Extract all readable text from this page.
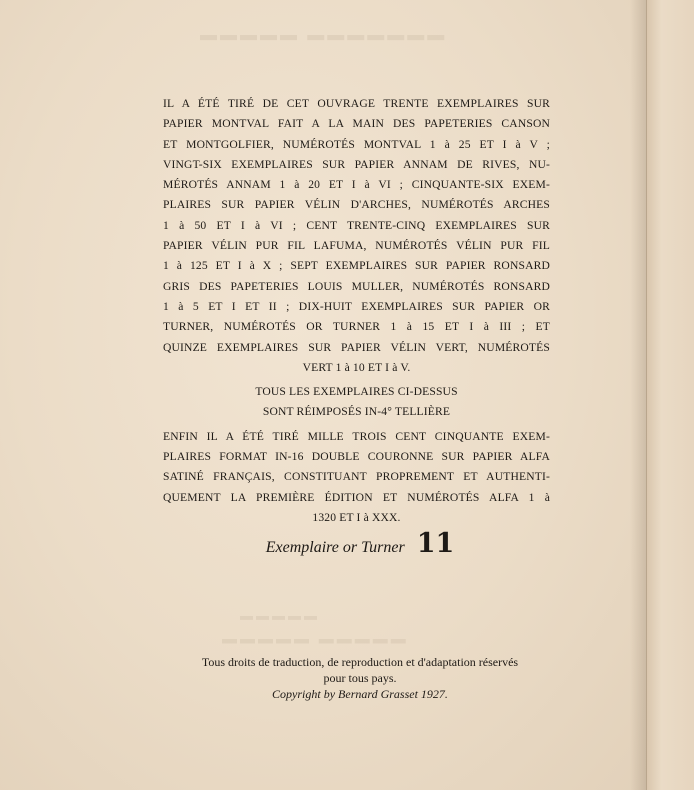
▬▬▬▬▬ ▬▬▬▬▬▬▬
▬▬▬▬▬
▬▬▬▬▬ ▬▬▬▬▬
IL A ÉTÉ TIRÉ DE CET OUVRAGE TRENTE EXEMPLAIRES SUR
PAPIER MONTVAL FAIT A LA MAIN DES PAPETERIES CANSON
ET MONTGOLFIER, NUMÉROTÉS MONTVAL 1 à 25 ET I à V ;
VINGT-SIX EXEMPLAIRES SUR PAPIER ANNAM DE RIVES, NU-
MÉROTÉS ANNAM 1 à 20 ET I à VI ; CINQUANTE-SIX EXEM-
PLAIRES SUR PAPIER VÉLIN D'ARCHES, NUMÉROTÉS ARCHES
1 à 50 ET I à VI ; CENT TRENTE-CINQ EXEMPLAIRES SUR
PAPIER VÉLIN PUR FIL LAFUMA, NUMÉROTÉS VÉLIN PUR FIL
1 à 125 ET I à X ; SEPT EXEMPLAIRES SUR PAPIER RONSARD
GRIS DES PAPETERIES LOUIS MULLER, NUMÉROTÉS RONSARD
1 à 5 ET I ET II ; DIX-HUIT EXEMPLAIRES SUR PAPIER OR
TURNER, NUMÉROTÉS OR TURNER 1 à 15 ET I à III ; ET
QUINZE EXEMPLAIRES SUR PAPIER VÉLIN VERT, NUMÉROTÉS
VERT 1 à 10 ET I à V.
TOUS LES EXEMPLAIRES CI-DESSUS
SONT RÉIMPOSÉS IN-4° TELLIÈRE
ENFIN IL A ÉTÉ TIRÉ MILLE TROIS CENT CINQUANTE EXEM-
PLAIRES FORMAT IN-16 DOUBLE COURONNE SUR PAPIER ALFA
SATINÉ FRANÇAIS, CONSTITUANT PROPREMENT ET AUTHENTI-
QUEMENT LA PREMIÈRE ÉDITION ET NUMÉROTÉS ALFA 1 à
1320 ET I à XXX.
Exemplaire or Turner 11
Tous droits de traduction, de reproduction et d'adaptation réservés
pour tous pays.
Copyright by Bernard Grasset 1927.
